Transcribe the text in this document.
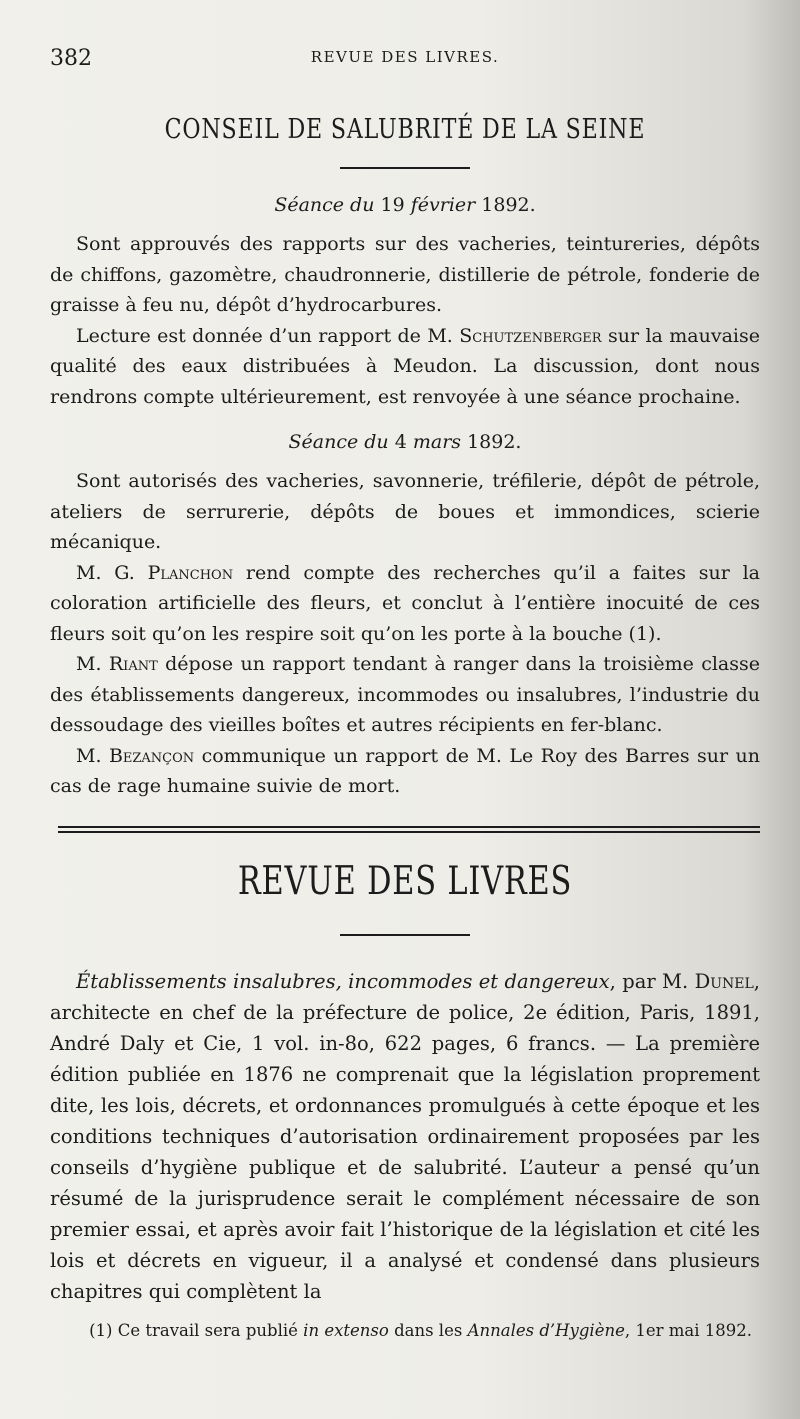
382	REVUE DES LIVRES.
CONSEIL DE SALUBRITÉ DE LA SEINE
Séance du 19 février 1892.

Sont approuvés des rapports sur des vacheries, teintureries, dépôts de chiffons, gazomètre, chaudronnerie, distillerie de pétrole, fonderie de graisse à feu nu, dépôt d’hydrocarbures.

Lecture est donnée d’un rapport de M. Schutzenberger sur la mauvaise qualité des eaux distribuées à Meudon. La discussion, dont nous rendrons compte ultérieurement, est renvoyée à une séance prochaine.

Séance du 4 mars 1892.

Sont autorisés des vacheries, savonnerie, tréfilerie, dépôt de pétrole, ateliers de serrurerie, dépôts de boues et immondices, scierie mécanique.

M. G. Planchon rend compte des recherches qu’il a faites sur la coloration artificielle des fleurs, et conclut à l’entière inocuité de ces fleurs soit qu’on les respire soit qu’on les porte à la bouche (1).

M. Riant dépose un rapport tendant à ranger dans la troisième classe des établissements dangereux, incommodes ou insalubres, l’industrie du dessoudage des vieilles boîtes et autres récipients en fer-blanc.

M. Bezançon communique un rapport de M. Le Roy des Barres sur un cas de rage humaine suivie de mort.

REVUE DES LIVRES

Établissements insalubres, incommodes et dangereux, par M. Dunel, architecte en chef de la préfecture de police, 2e édition, Paris, 1891, André Daly et Cie, 1 vol. in-8o, 622 pages, 6 francs. — La première édition publiée en 1876 ne comprenait que la législation proprement dite, les lois, décrets, et ordonnances promulgués à cette époque et les conditions techniques d’autorisation ordinairement proposées par les conseils d’hygiène publique et de salubrité. L’auteur a pensé qu’un résumé de la jurisprudence serait le complément nécessaire de son premier essai, et après avoir fait l’historique de la législation et cité les lois et décrets en vigueur, il a analysé et condensé dans plusieurs chapitres qui complètent la

(1) Ce travail sera publié in extenso dans les Annales d’Hygiène, 1er mai 1892.
